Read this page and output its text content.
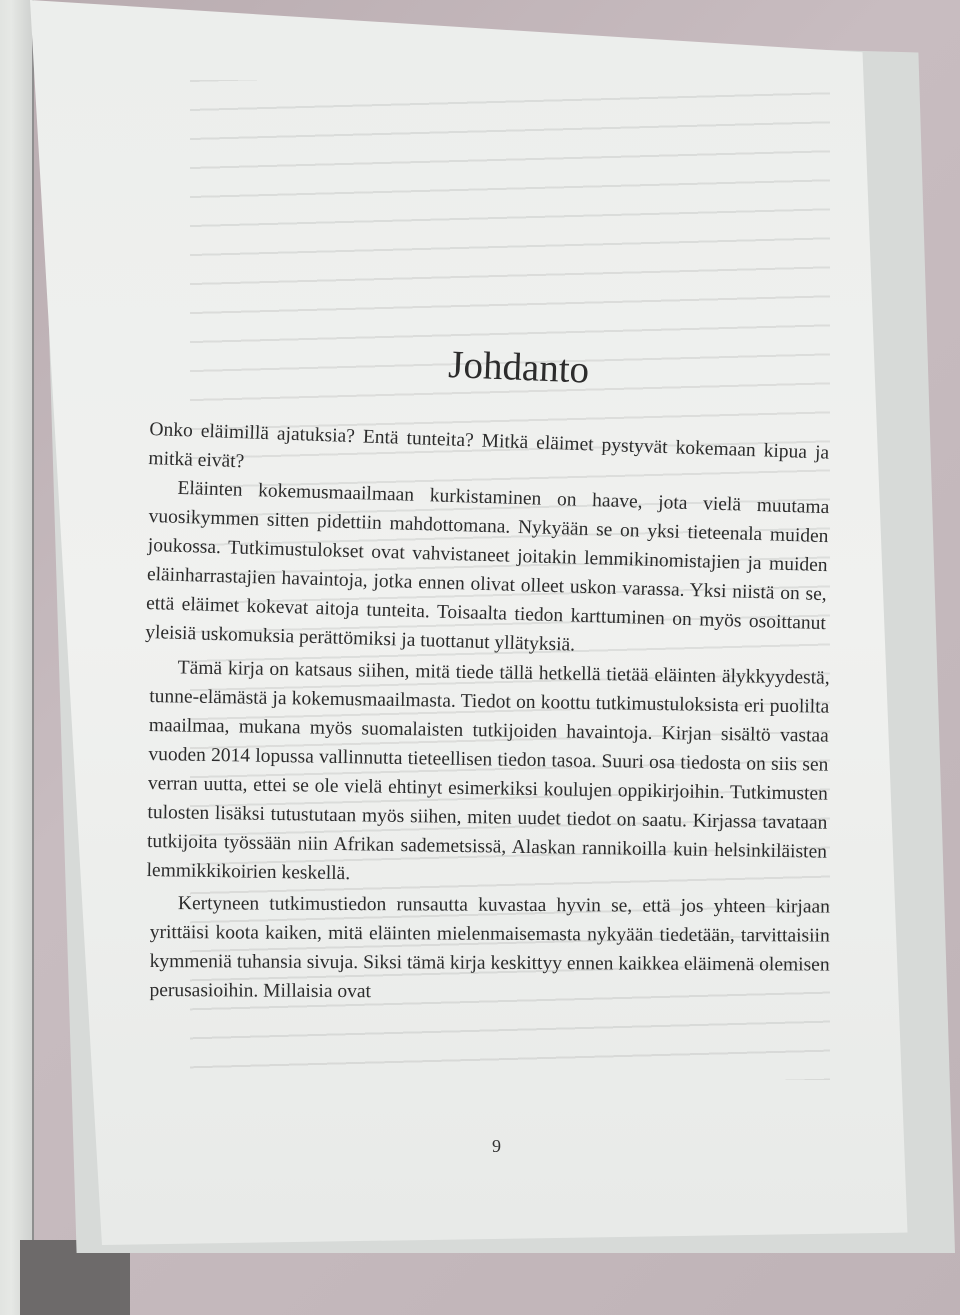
Johdanto

Onko eläimillä ajatuksia? Entä tunteita? Mitkä eläimet pystyvät kokemaan kipua ja mitkä eivät?

Eläinten kokemusmaailmaan kurkistaminen on haave, jota vielä muutama vuosikymmen sitten pidettiin mahdottomana. Nykyään se on yksi tieteenala muiden joukossa. Tutkimustulokset ovat vahvistaneet joitakin lemmikinomistajien ja muiden eläinharrastajien havaintoja, jotka ennen olivat olleet uskon varassa. Yksi niistä on se, että eläimet kokevat aitoja tunteita. Toisaalta tiedon karttuminen on myös osoittanut yleisiä uskomuksia perättömiksi ja tuottanut yllätyksiä.

Tämä kirja on katsaus siihen, mitä tiede tällä hetkellä tietää eläinten älykkyydestä, tunne-elämästä ja kokemusmaailmasta. Tiedot on koottu tutkimustuloksista eri puolilta maailmaa, mukana myös suomalaisten tutkijoiden havaintoja. Kirjan sisältö vastaa vuoden 2014 lopussa vallinnutta tieteellisen tiedon tasoa. Suuri osa tiedosta on siis sen verran uutta, ettei se ole vielä ehtinyt esimerkiksi koulujen oppikirjoihin. Tutkimusten tulosten lisäksi tutustutaan myös siihen, miten uudet tiedot on saatu. Kirjassa tavataan tutkijoita työssään niin Afrikan sademetsissä, Alaskan rannikoilla kuin helsinkiläisten lemmikkikoirien keskellä.

Kertyneen tutkimustiedon runsautta kuvastaa hyvin se, että jos yhteen kirjaan yrittäisi koota kaiken, mitä eläinten mielenmaisemasta nykyään tiedetään, tarvittaisiin kymmeniä tuhansia sivuja. Siksi tämä kirja keskittyy ennen kaikkea eläimenä olemisen perusasioihin. Millaisia ovat

9
